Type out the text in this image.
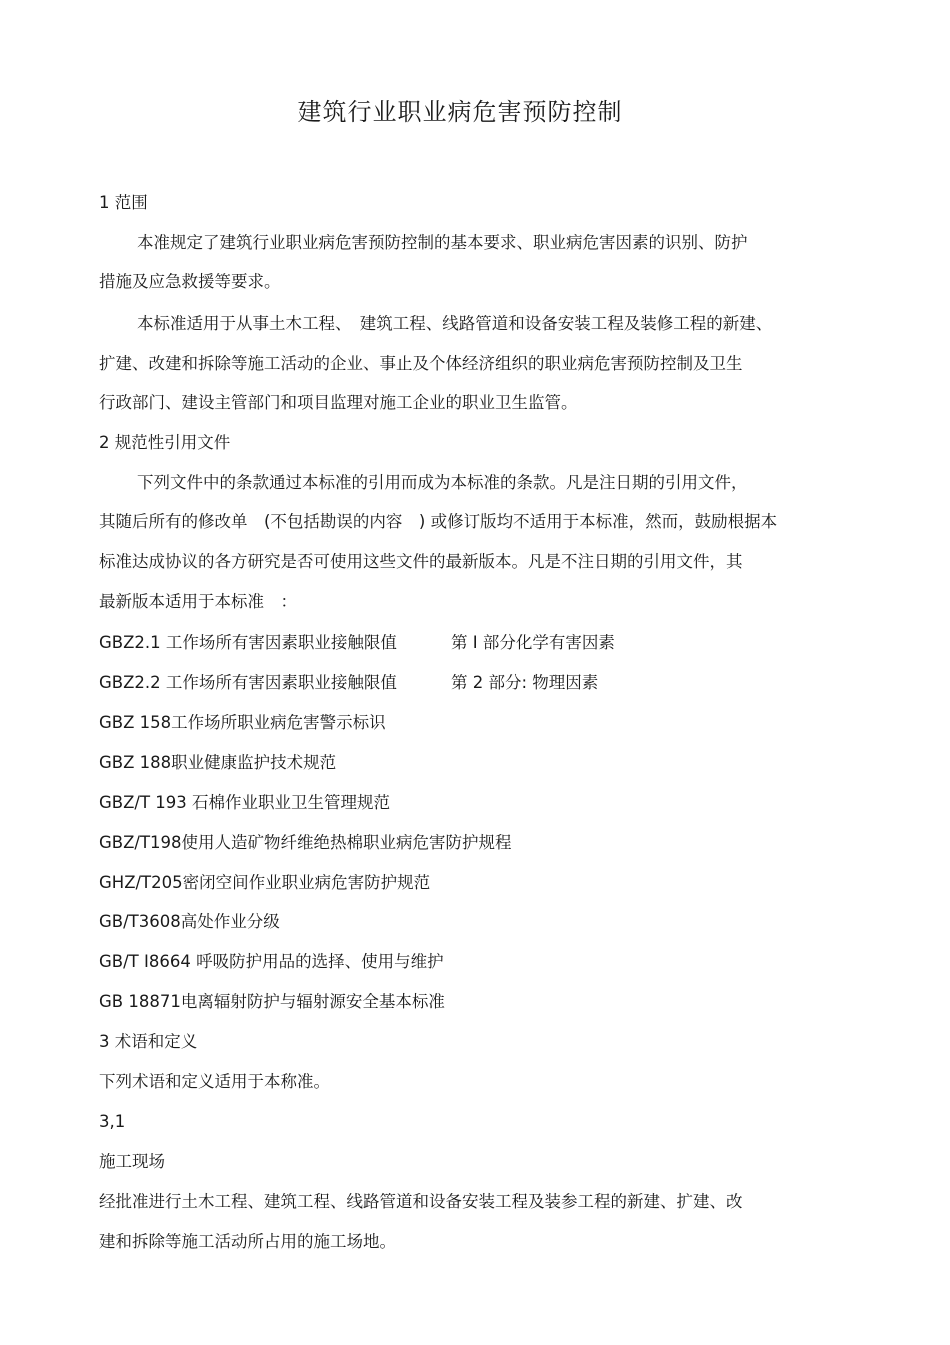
建筑行业职业病危害预防控制
1 范围
本准规定了建筑行业职业病危害预防控制的基本要求、职业病危害因素的识别、防护
措施及应急救援等要求。
本标准适用于从事土木工程、　建筑工程、线路管道和设备安装工程及装修工程的新建、
扩建、改建和拆除等施工活动的企业、事止及个体经济组织的职业病危害预防控制及卫生
行政部门、建设主管部门和项目监理对施工企业的职业卫生监管。
2 规范性引用文件
下列文件中的条款通过本标准的引用而成为本标准的条款。凡是注日期的引用文件，
其随后所有的修改单　(不包括勘误的内容　) 或修订版均不适用于本标准，然而，鼓励根据本
标准达成协议的各方研究是否可使用这些文件的最新版本。凡是不注日期的引用文件，其
最新版本适用于本标准　：
GBZ2.1 工作场所有害因素职业接触限值	第 I 部分化学有害因素
GBZ2.2 工作场所有害因素职业接触限值	第 2 部分: 物理因素
GBZ 158工作场所职业病危害警示标识
GBZ 188职业健康监护技术规范
GBZ/T 193 石棉作业职业卫生管理规范
GBZ/T198使用人造矿物纤维绝热棉职业病危害防护规程
GHZ/T205密闭空间作业职业病危害防护规范
GB/T3608高处作业分级
GB/T I8664 呼吸防护用品的选择、使用与维护
GB 18871电离辐射防护与辐射源安全基本标准
3 术语和定义
下列术语和定义适用于本称准。
3,1
施工现场
经批准进行土木工程、建筑工程、线路管道和设备安装工程及装参工程的新建、扩建、改
建和拆除等施工活动所占用的施工场地。
